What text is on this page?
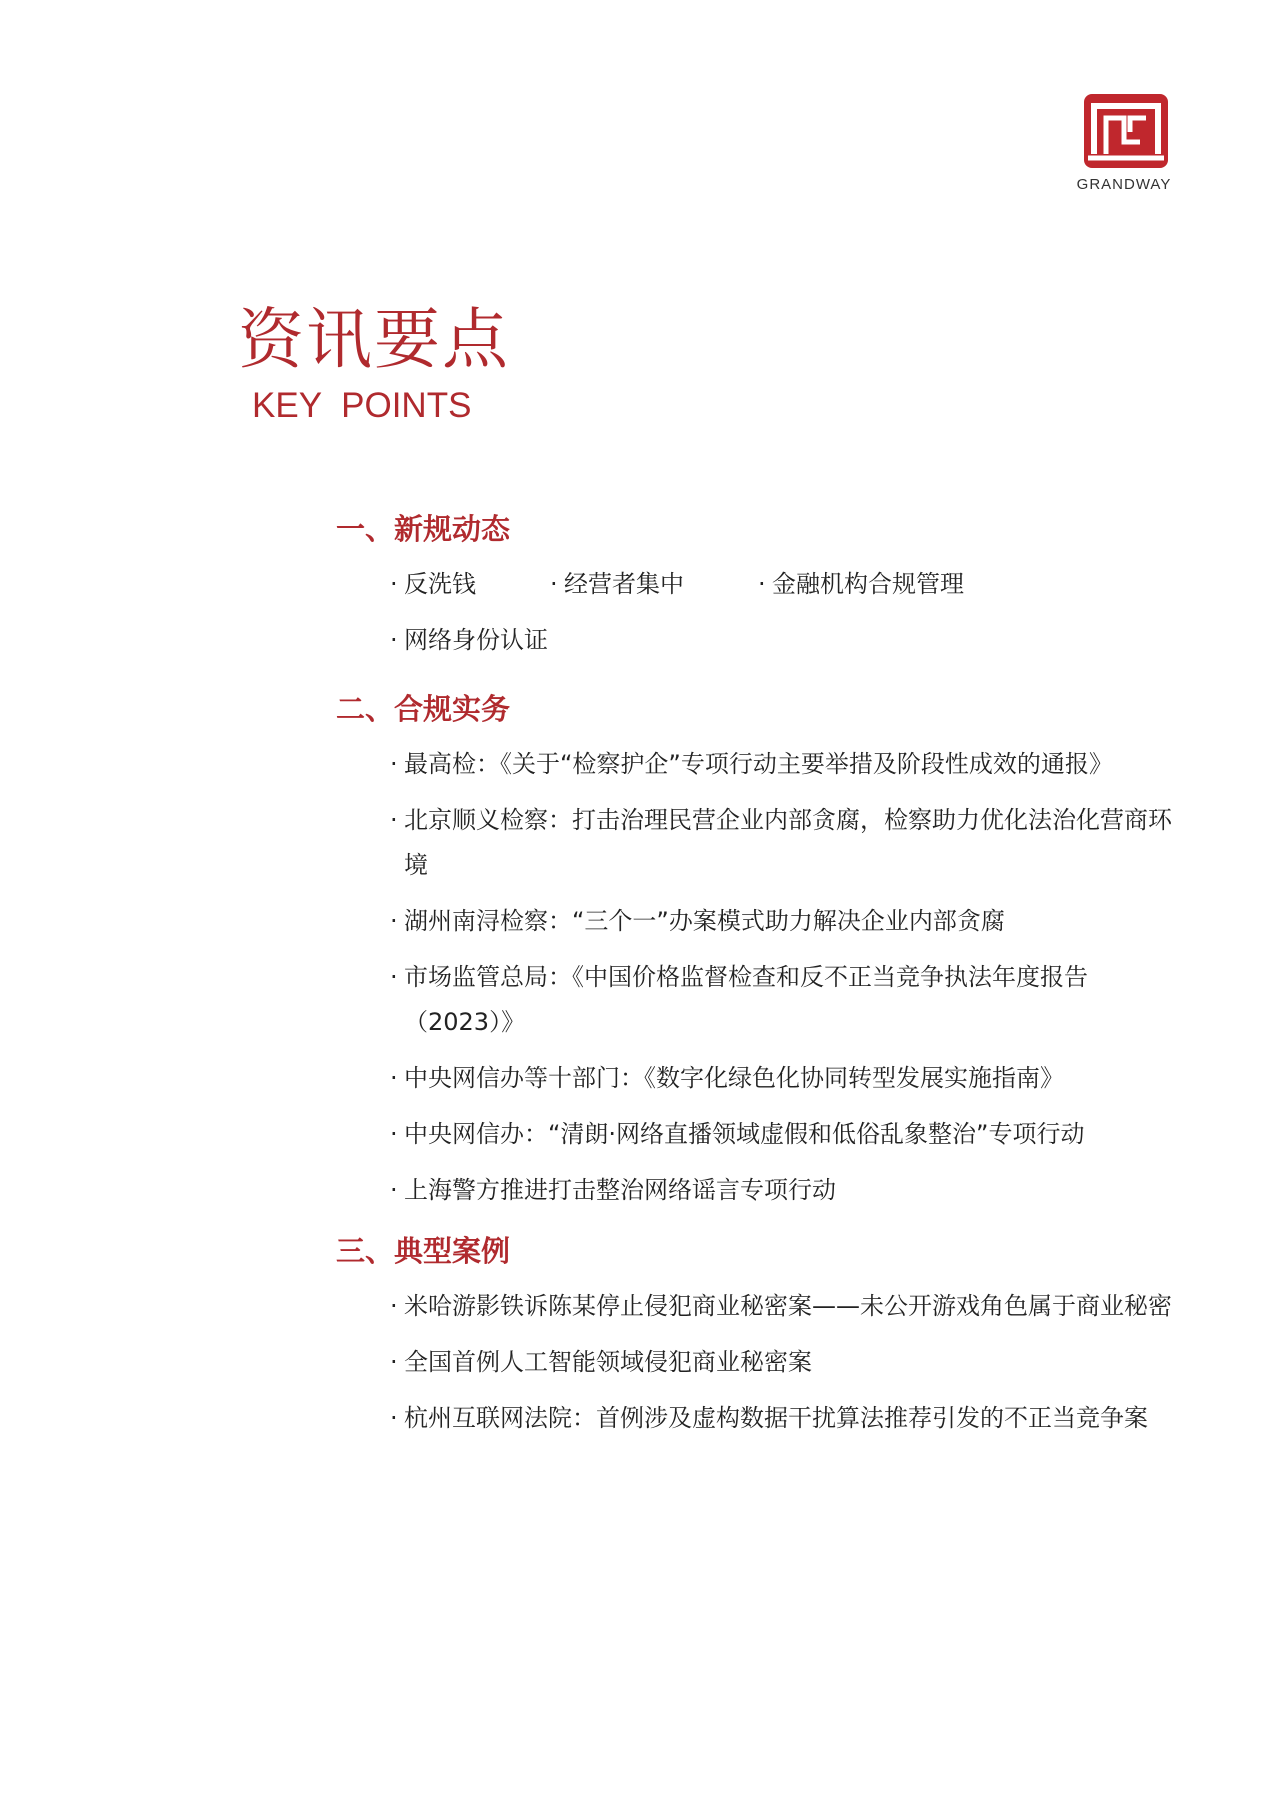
GRANDWAY
资讯要点
KEY POINTS
一、新规动态
· 反洗钱	· 经营者集中	· 金融机构合规管理
· 网络身份认证
二、合规实务
· 最高检：《关于“检察护企”专项行动主要举措及阶段性成效的通报》
· 北京顺义检察：打击治理民营企业内部贪腐，检察助力优化法治化营商环境
· 湖州南浔检察：“三个一”办案模式助力解决企业内部贪腐
· 市场监管总局：《中国价格监督检查和反不正当竞争执法年度报告（2023）》
· 中央网信办等十部门：《数字化绿色化协同转型发展实施指南》
· 中央网信办：“清朗·网络直播领域虚假和低俗乱象整治”专项行动
· 上海警方推进打击整治网络谣言专项行动
三、典型案例
· 米哈游影铁诉陈某停止侵犯商业秘密案——未公开游戏角色属于商业秘密
· 全国首例人工智能领域侵犯商业秘密案
· 杭州互联网法院：首例涉及虚构数据干扰算法推荐引发的不正当竞争案
